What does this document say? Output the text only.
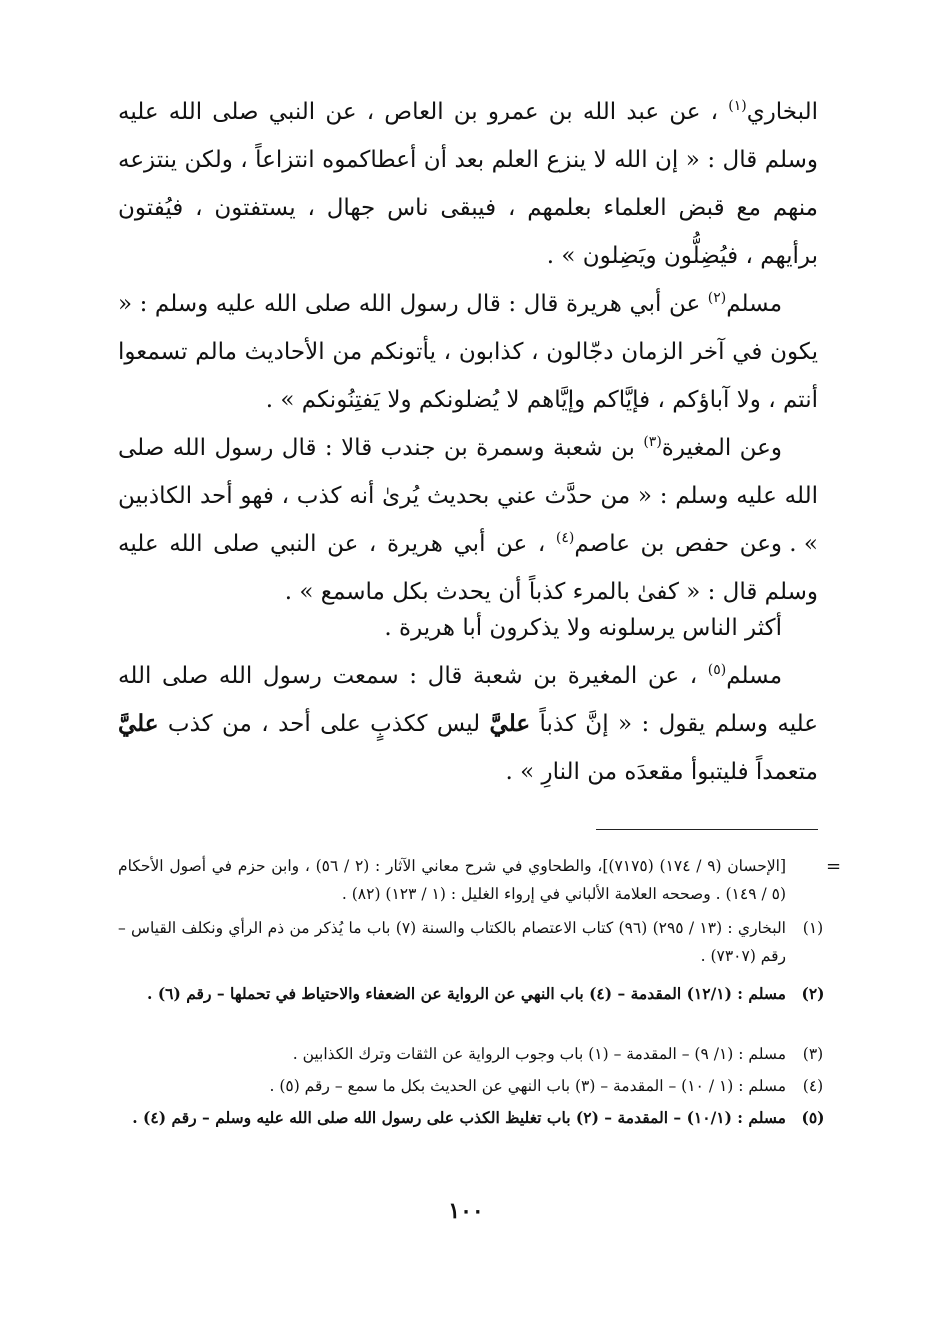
البخاري$^{(١)}$ ، عن عبد الله بن عمرو بن العاص ، عن النبي صلى الله عليه وسلم قال : « إن الله لا ينزع العلم بعد أن أعطاكموه انتزاعاً ، ولكن ينتزعه منهم مع قبض العلماء بعلمهم ، فيبقى ناس جهال ، يستفتون ، فيُفتون برأيهم ، فيُضِلُّون ويَضِلون » .

مسلم$^{(٢)}$ عن أبي هريرة قال : قال رسول الله صلى الله عليه وسلم : « يكون في آخر الزمان دجّالون ، كذابون ، يأتونكم من الأحاديث مالم تسمعوا أنتم ، ولا آباؤكم ، فإيَّاكم وإيَّاهم لا يُضلونكم ولا يَفتِنُونكم » .

وعن المغيرة$^{(٣)}$ بن شعبة وسمرة بن جندب قالا : قال رسول الله صلى الله عليه وسلم : « من حدَّث عني بحديث يُرىٰ أنه كذب ، فهو أحد الكاذبين » .

وعن حفص بن عاصم$^{(٤)}$ ، عن أبي هريرة ، عن النبي صلى الله عليه وسلم قال : « كفىٰ بالمرء كذباً أن يحدث بكل ماسمع » .

أكثر الناس يرسلونه ولا يذكرون أبا هريرة .

مسلم$^{(٥)}$ ، عن المغيرة بن شعبة قال : سمعت رسول الله صلى الله عليه وسلم يقول : « إنَّ كذباً عليَّ ليس ككذبٍ على أحد ، من كذب عليَّ متعمداً فليتبوأ مقعدَه من النارِ » .

=

[الإحسان (٩ / ١٧٤) (٧١٧٥)]، والطحاوي في شرح معاني الآثار : (٢ / ٥٦) ، وابن حزم في أصول الأحكام (٥ / ١٤٩) . وصححه العلامة الألباني في إرواء الغليل : (١ / ١٢٣) (٨٢) .

(١)

البخاري : (١٣ / ٢٩٥) (٩٦) كتاب الاعتصام بالكتاب والسنة (٧) باب ما يُذكر من ذم الرأي ونكلف القياس – رقم (٧٣٠٧) .

(٢)

مسلم : (١٢/١) المقدمة – (٤) باب النهي عن الرواية عن الضعفاء والاحتياط في تحملها – رقم (٦) .

(٣)

مسلم : (١/ ٩) – المقدمة – (١) باب وجوب الرواية عن الثقات وترك الكذابين .

(٤)

مسلم : (١ / ١٠) – المقدمة – (٣) باب النهي عن الحديث بكل ما سمع – رقم (٥) .

(٥)

مسلم : (١٠/١) – المقدمة – (٢) باب تغليظ الكذب على رسول الله صلى الله عليه وسلم – رقم (٤) .

١٠٠
